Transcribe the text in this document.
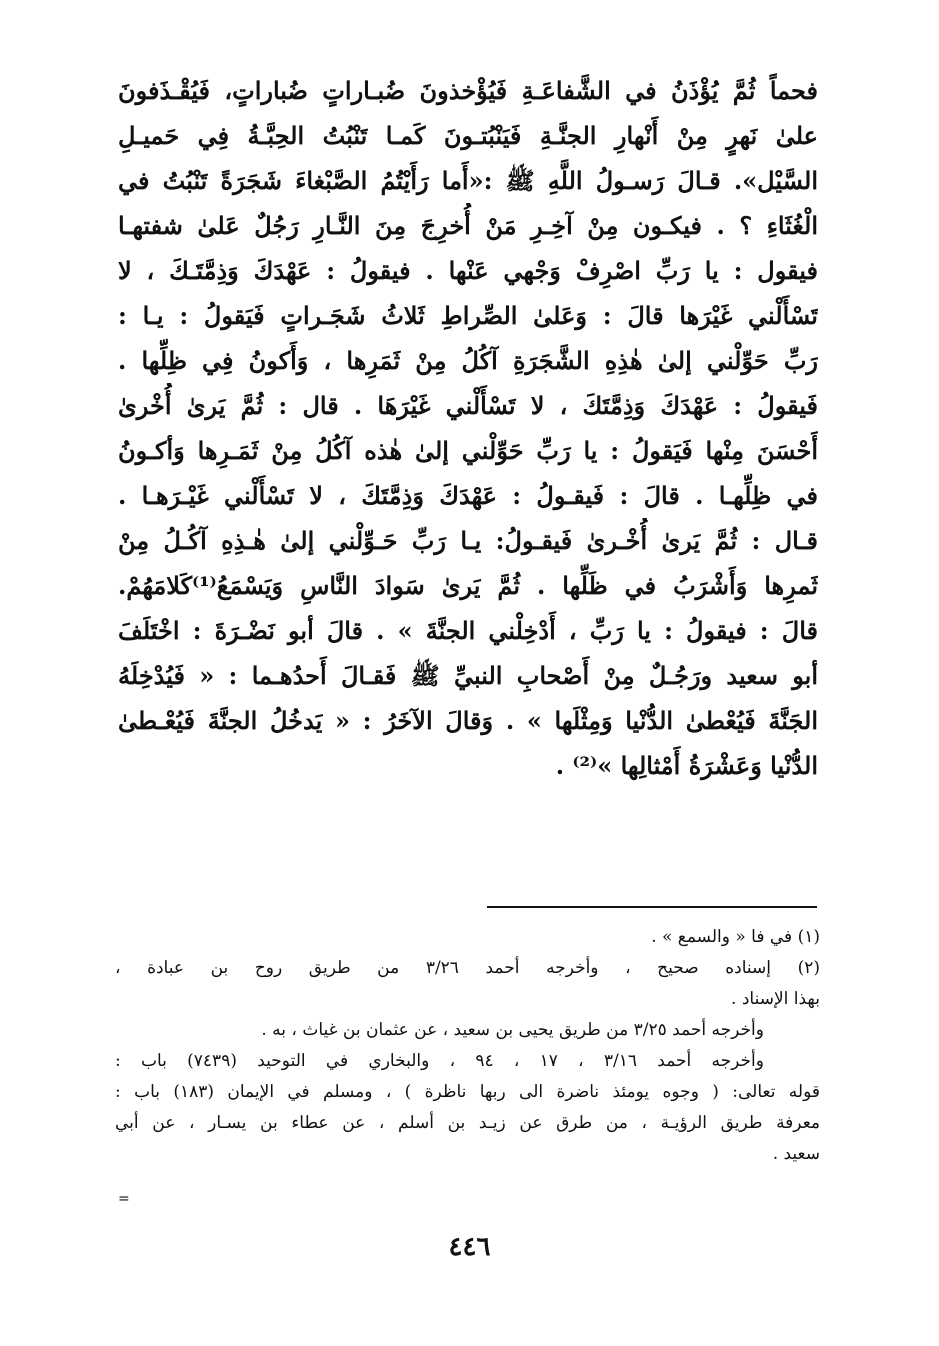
فحماً ثُمَّ يُؤْذَنُ في الشَّفاعَـةِ فَيُؤْخذونَ ضُبـاراتٍ ضُباراتٍ، فَيُقْـذَفونَ
علىٰ نَهرٍ مِنْ أَنْهارِ الجنَّـةِ فَيَنْبُتـونَ كَمـا تَنْبُتُ الحِبَّـةُ فِي حَميـلِ
السَّيْل». قـالَ رَسـولُ اللَّهِ ﷺ :«أَما رَأَيْتُمُ الصَّبْغاءَ شَجَرَةً تَنْبُتُ في
الْغُثَاءِ ؟ . فيكـون مِنْ آخِـرِ مَنْ أُخرِجَ مِنَ النَّـارِ رَجُلٌ عَلىٰ شفتهـا
فيقول : يا رَبِّ اصْرِفْ وَجْهي عَنْها . فيقولُ : عَهْدَكَ وَذِمَّتَـكَ ، لا
تَسْأَلْني غَيْرَها قالَ : وَعَلىٰ الصِّراطِ ثَلاثُ شَجَـراتٍ فَيَقولُ : يـا :
رَبِّ حَوِّلْني إلىٰ هٰذِهِ الشَّجَرَةِ آكُلُ مِنْ ثَمَرِها ، وَأَكونُ فِي ظِلِّها .
فَيقولُ : عَهْدَكَ وَذِمَّتَكَ ، لا تَسْأَلْني غَيْرَهَا . قال : ثُمَّ يَرىٰ أُخْرىٰ
أَحْسَنَ مِنْها فَيَقولُ : يا رَبِّ حَوِّلْني إلىٰ هٰذه آكُلُ مِنْ ثَمَـرِها وَأكـونُ
في ظِلِّهـا . قالَ : فَيقـولُ : عَهْدَكَ وَذِمَّتَكَ ، لا تَسْأَلْني غَيْـرَهـا .
قـال : ثُمَّ يَرىٰ أُخْـرىٰ فَيقـولُ: يـا رَبِّ حَـوِّلْني إلىٰ هٰـذِهِ آكُـلُ مِنْ
ثَمرِها وَأَشْرَبُ في ظَلِّها . ثُمَّ يَرىٰ سَوادَ النَّاسِ وَيَسْمَعُ⁽¹⁾كَلامَهُمْ.
قالَ : فيقولُ : يا رَبِّ ، أَدْخِلْني الجنَّةَ » . قالَ أبو نَضْـرَةَ : اخْتَلَفَ
أبو سعيد ورَجُـلٌ مِنْ أَصْحابِ النبيِّ ﷺ فَقـالَ أَحدُهـما : « فَيُدْخِلَهُ
الجَنَّةَ فَيُعْطىٰ الدُّنْيا وَمِثْلَها » . وَقالَ الآخَرُ : « يَدخُلُ الجنَّةَ فَيُعْـطىٰ
الدُّنْيا وَعَشْرَةُ أَمْثالِها »⁽²⁾ .
(١) في فا « والسمع » .
(٢) إسناده صحيح ، وأخرجه أحمد ٣/٢٦ من طريق روح بن عبادة ،
بهذا الإسناد .
وأخرجه أحمد ٣/٢٥ من طريق يحيى بن سعيد ، عن عثمان بن غياث ، به .
وأخرجه أحمد ٣/١٦ ، ١٧ ، ٩٤ ، والبخاري في التوحيد (٧٤٣٩) باب :
قوله تعالى: ( وجوه يومئذ ناضرة الى ربها ناظرة ) ، ومسلم في الإيمان (١٨٣) باب :
معرفة طريق الرؤيـة ، من طرق عن زيـد بن أسلم ، عن عطاء بن يسـار ، عن أبي
سعيد .
=
٤٤٦
